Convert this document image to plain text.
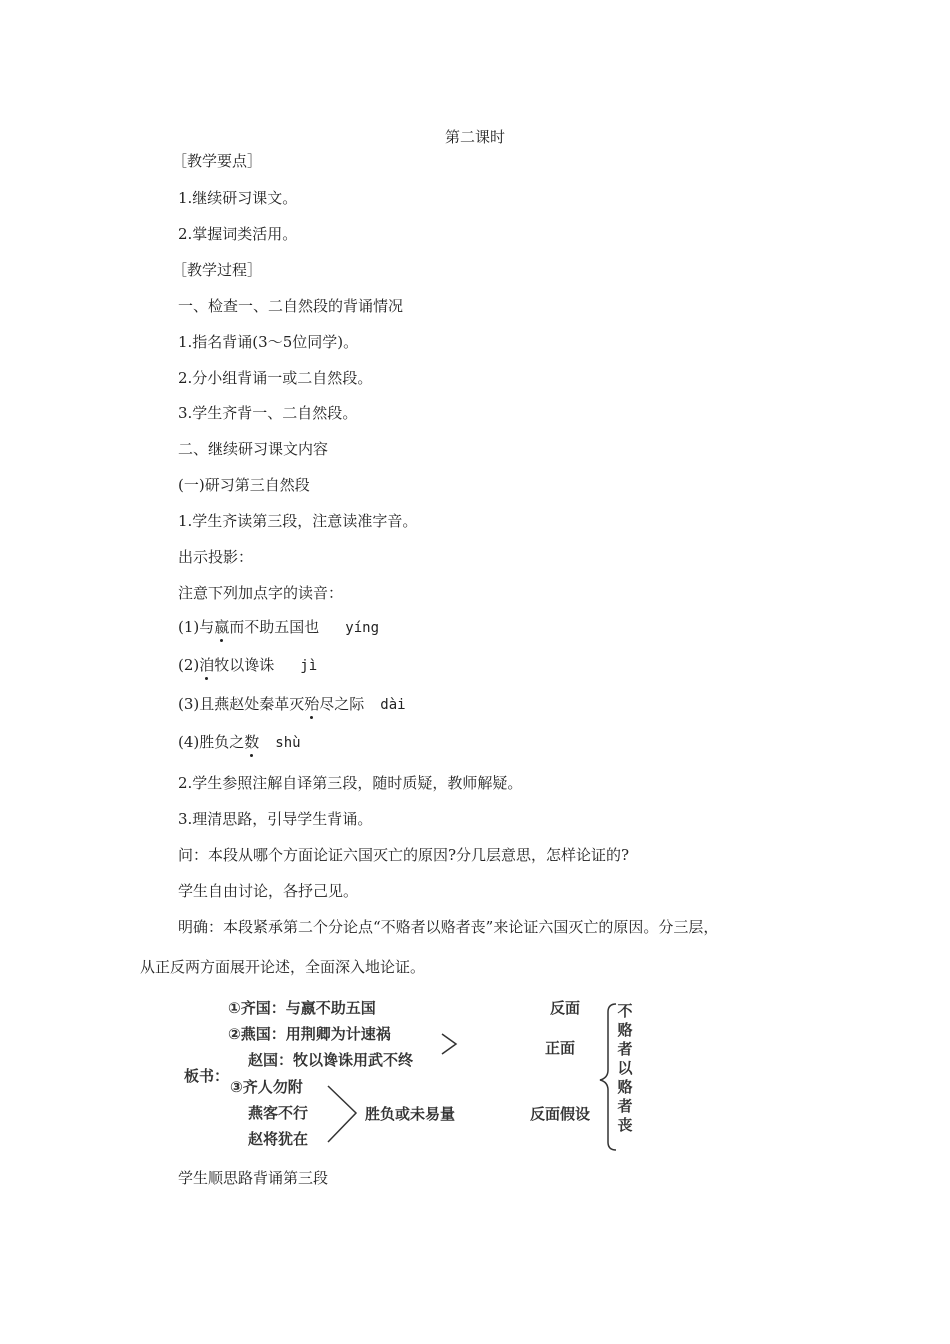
第二课时
［教学要点］
1.继续研习课文。
2.掌握词类活用。
［教学过程］
一、检查一、二自然段的背诵情况
1.指名背诵(3～5位同学)。
2.分小组背诵一或二自然段。
3.学生齐背一、二自然段。
二、继续研习课文内容
(一)研习第三自然段
1.学生齐读第三段，注意读准字音。
出示投影：
注意下列加点字的读音：
(1)与嬴而不助五国也 yíng
(2)洎牧以谗诛 jì
(3)且燕赵处秦革灭殆尽之际 dài
(4)胜负之数 shù
2.学生参照注解自译第三段，随时质疑，教师解疑。
3.理清思路，引导学生背诵。
问：本段从哪个方面论证六国灭亡的原因?分几层意思，怎样论证的?
学生自由讨论，各抒己见。
明确：本段紧承第二个分论点“不赂者以赂者丧”来论证六国灭亡的原因。分三层，
从正反两方面展开论述，全面深入地论证。
板书：
①齐国：与嬴不助五国
②燕国：用荆卿为计速祸
赵国：牧以谗诛用武不终
③齐人勿附
燕客不行
赵将犹在
胜负或未易量
反面
正面
反面假设
不赂者以赂者丧
学生顺思路背诵第三段
